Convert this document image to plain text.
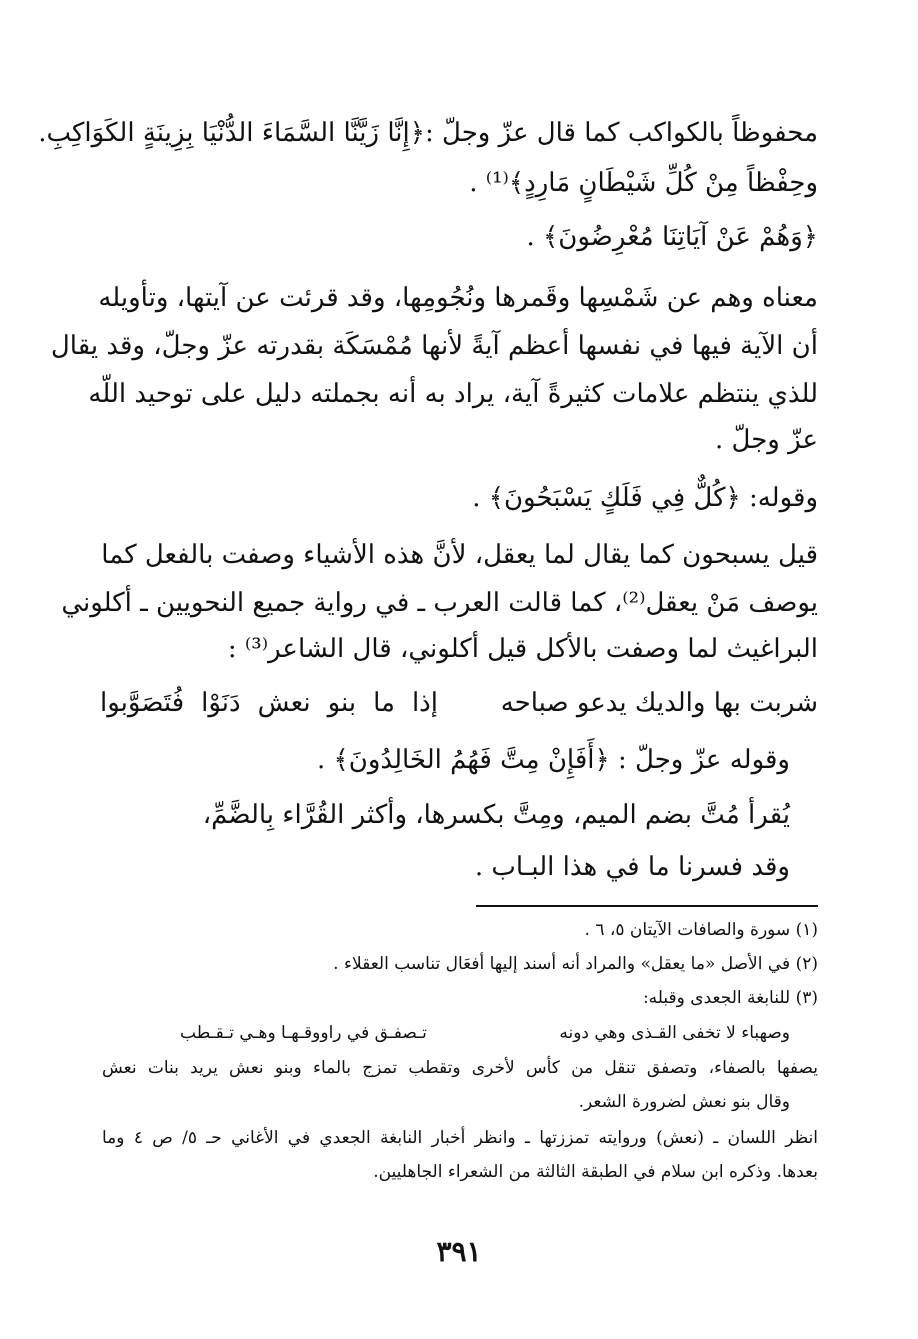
محفوظاً بالكواكب كما قال عزّ وجلّ :﴿إِنَّا زَيَّنَّا السَّمَاءَ الدُّنْيَا بِزِينَةٍ الكَوَاكِبِ.
وحِفْظاً مِنْ كُلِّ شَيْطَانٍ مَارِدٍ﴾⁽¹⁾ .
﴿وَهُمْ عَنْ آيَاتِنَا مُعْرِضُونَ﴾ .
معناه وهم عن شَمْسِها وقَمرها ونُجُومِها، وقد قرئت عن آيتها، وتأويله
أن الآية فيها في نفسها أعظم آيةً لأنها مُمْسَكَة بقدرته عزّ وجلّ، وقد يقال
للذي ينتظم علامات كثيرةً آية، يراد به أنه بجملته دليل على توحيد اللّه
عزّ وجلّ .
وقوله: ﴿كُلٌّ فِي فَلَكٍ يَسْبَحُونَ﴾ .
قيل يسبحون كما يقال لما يعقل، لأنَّ هذه الأشياء وصفت بالفعل كما
يوصف مَنْ يعقل⁽²⁾، كما قالت العرب ـ في رواية جميع النحويين ـ أكلوني
البراغيث لما وصفت بالأكل قيل أكلوني، قال الشاعر⁽³⁾ :
شربت بها والديك يدعو صباحه
إذا ما بنو نعش دَنَوْا فُتَصَوَّبوا
وقوله عزّ وجلّ : ﴿أَفَإِنْ مِتَّ فَهُمُ الخَالِدُونَ﴾ .
يُقرأ مُتَّ بضم الميم، ومِتَّ بكسرها، وأكثر القُرَّاء بِالضَّمِّ،
وقد فسرنا ما في هذا البـاب .
(١) سورة والصافات الآيتان ٥، ٦ .
(٢) في الأصل «ما يعقل» والمراد أنه أسند إليها أفعَال تناسب العقلاء .
(٣) للنابغة الجعدى وقبله:
وصهباء لا تخفى القـذى وهي دونه
تـصفـق في راووقـهـا وهـي تـقـطب
يصفها بالصفاء، وتصفق تنقل من كأس لأخرى وتقطب تمزج بالماء وبنو نعش يريد بنات نعش
وقال بنو نعش لضرورة الشعر.
انظر اللسان ـ (نعش) وروايته تمززتها ـ وانظر أخبار النابغة الجعدي في الأغاني حـ ٥/ ص ٤ وما
بعدها. وذكره ابن سلام في الطبقة الثالثة من الشعراء الجاهليين.
٣٩١
